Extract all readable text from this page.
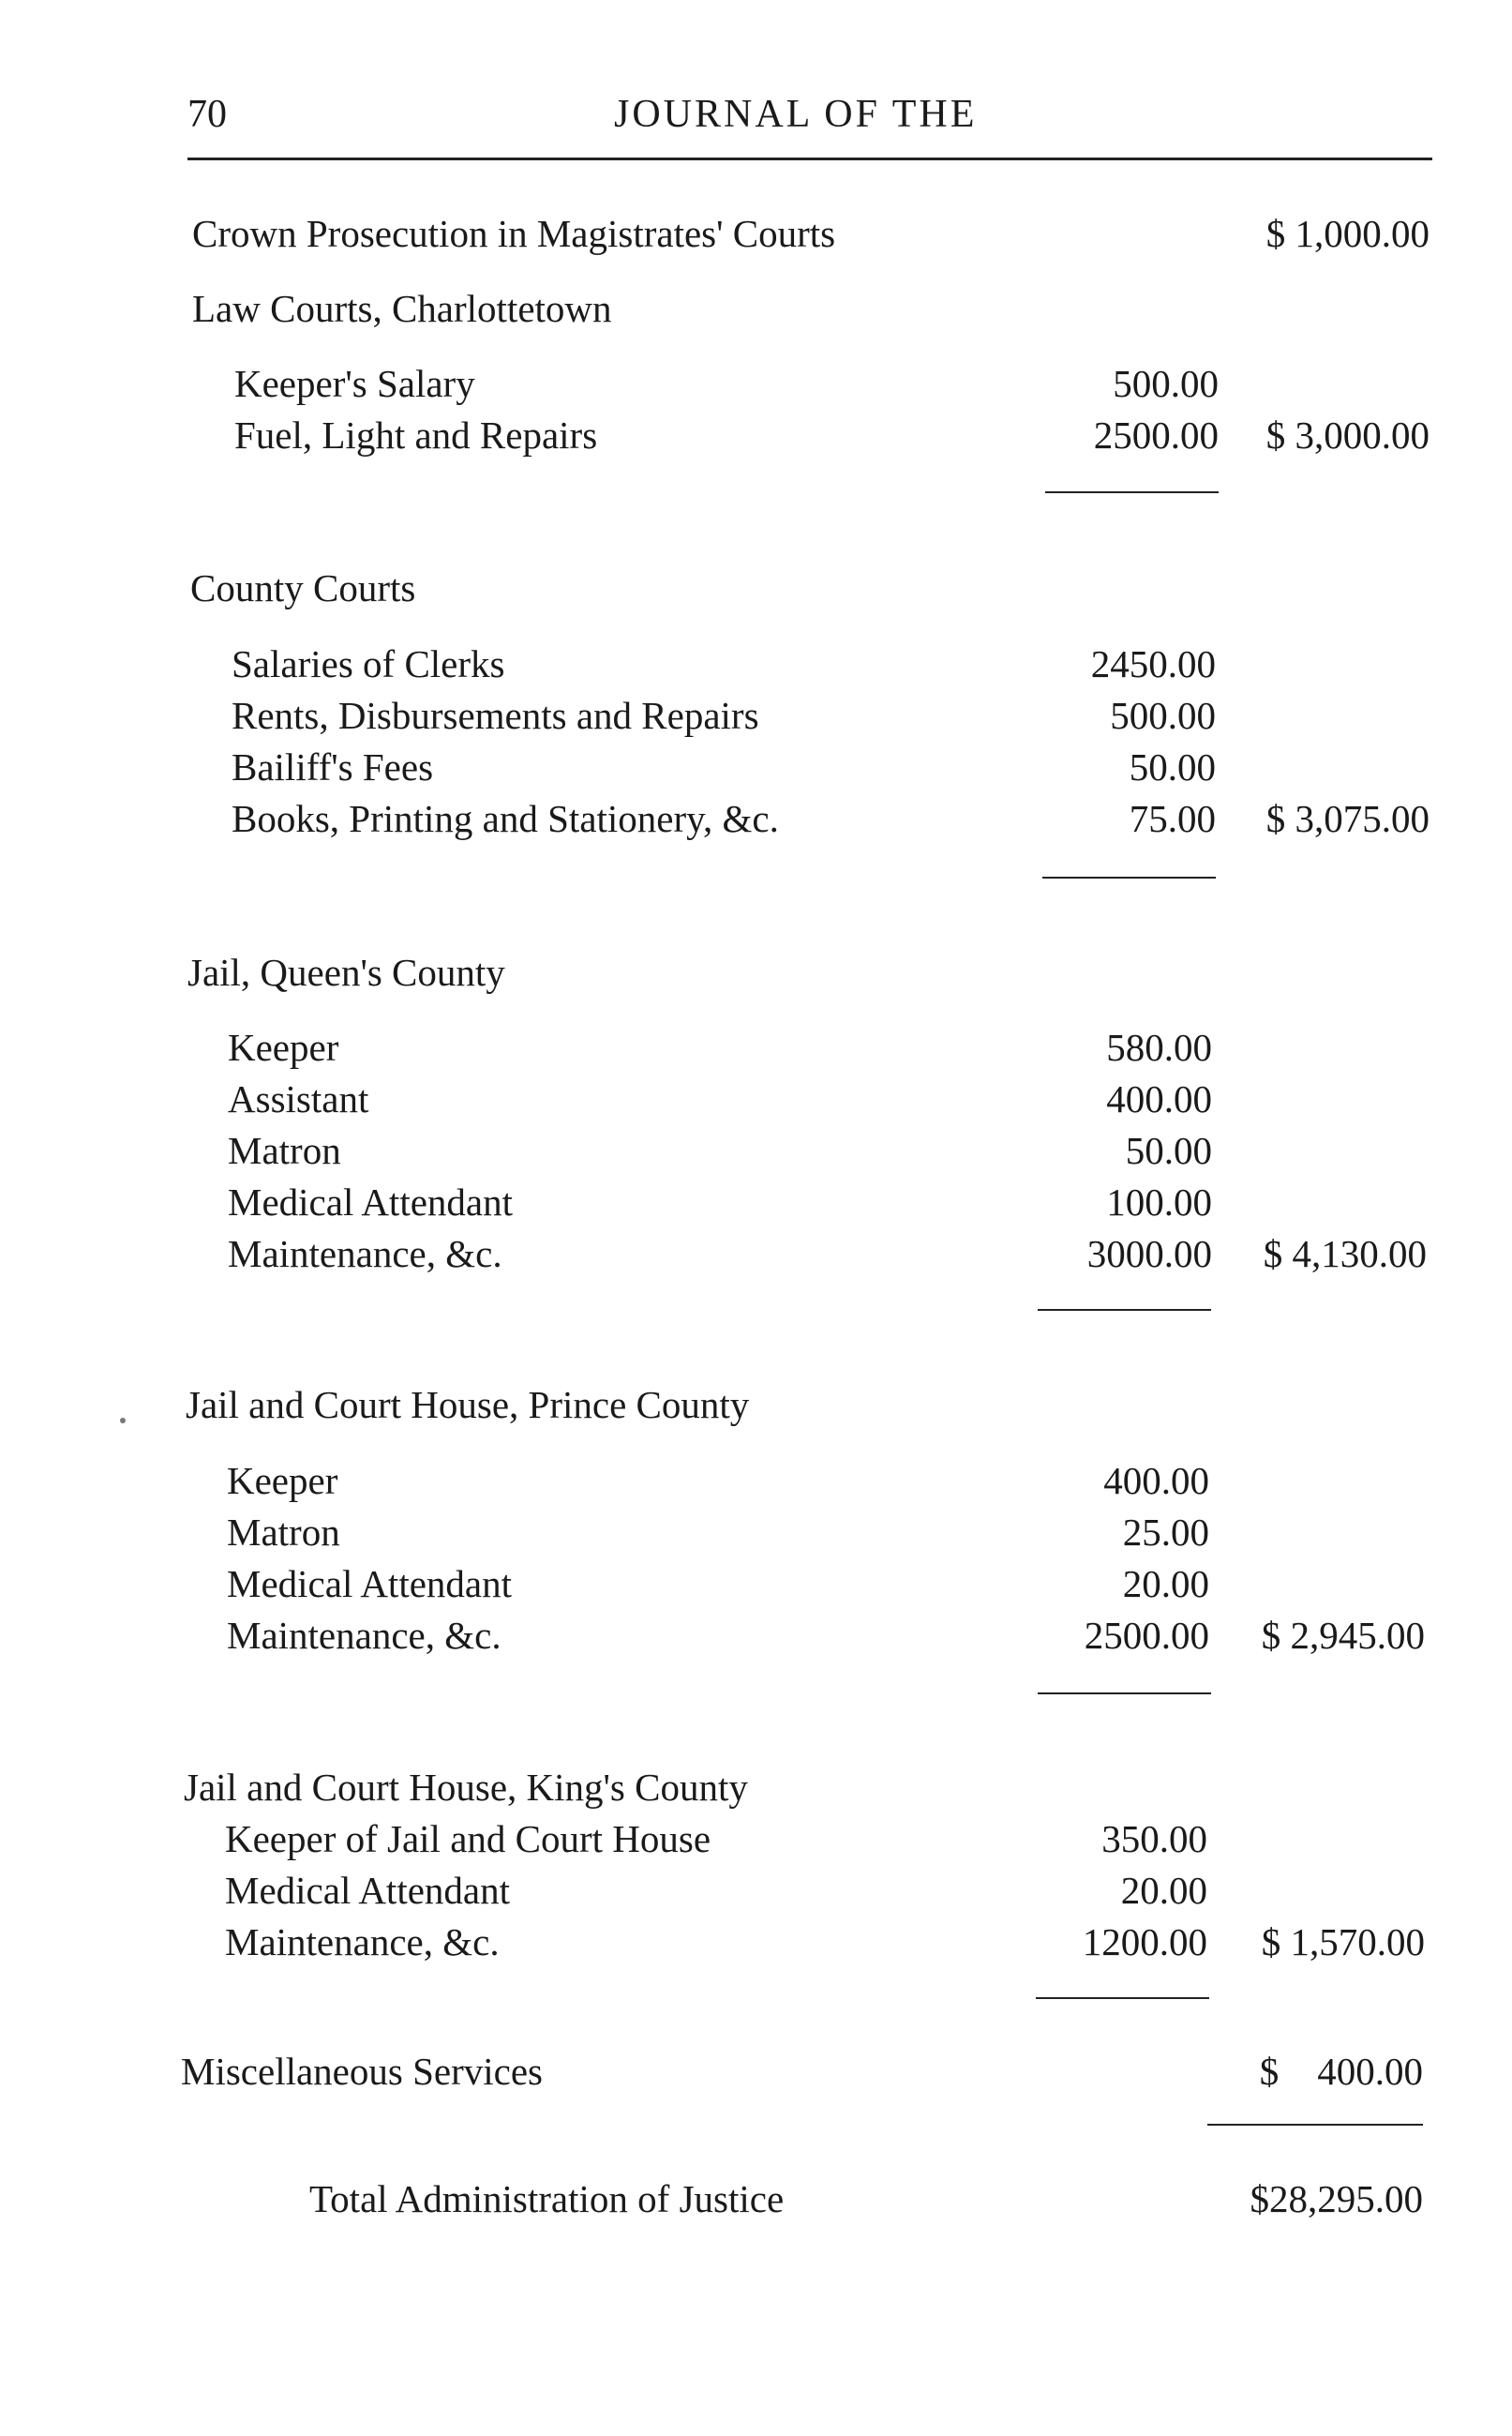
70	JOURNAL OF THE
Crown Prosecution in Magistrates' Courts	$ 1,000.00
Law Courts, Charlottetown
Keeper's Salary	500.00
Fuel, Light and Repairs	2500.00 $ 3,000.00
County Courts
Salaries of Clerks	2450.00
Rents, Disbursements and Repairs	500.00
Bailiff's Fees	50.00
Books, Printing and Stationery, &c.	75.00 $ 3,075.00
Jail, Queen's County
Keeper	580.00
Assistant	400.00
Matron	50.00
Medical Attendant	100.00
Maintenance, &c.	3000.00 $ 4,130.00
Jail and Court House, Prince County
Keeper	400.00
Matron	25.00
Medical Attendant	20.00
Maintenance, &c.	2500.00 $ 2,945.00
Jail and Court House, King's County
Keeper of Jail and Court House	350.00
Medical Attendant	20.00
Maintenance, &c.	1200.00 $ 1,570.00
Miscellaneous Services	$    400.00
Total Administration of Justice	$28,295.00
